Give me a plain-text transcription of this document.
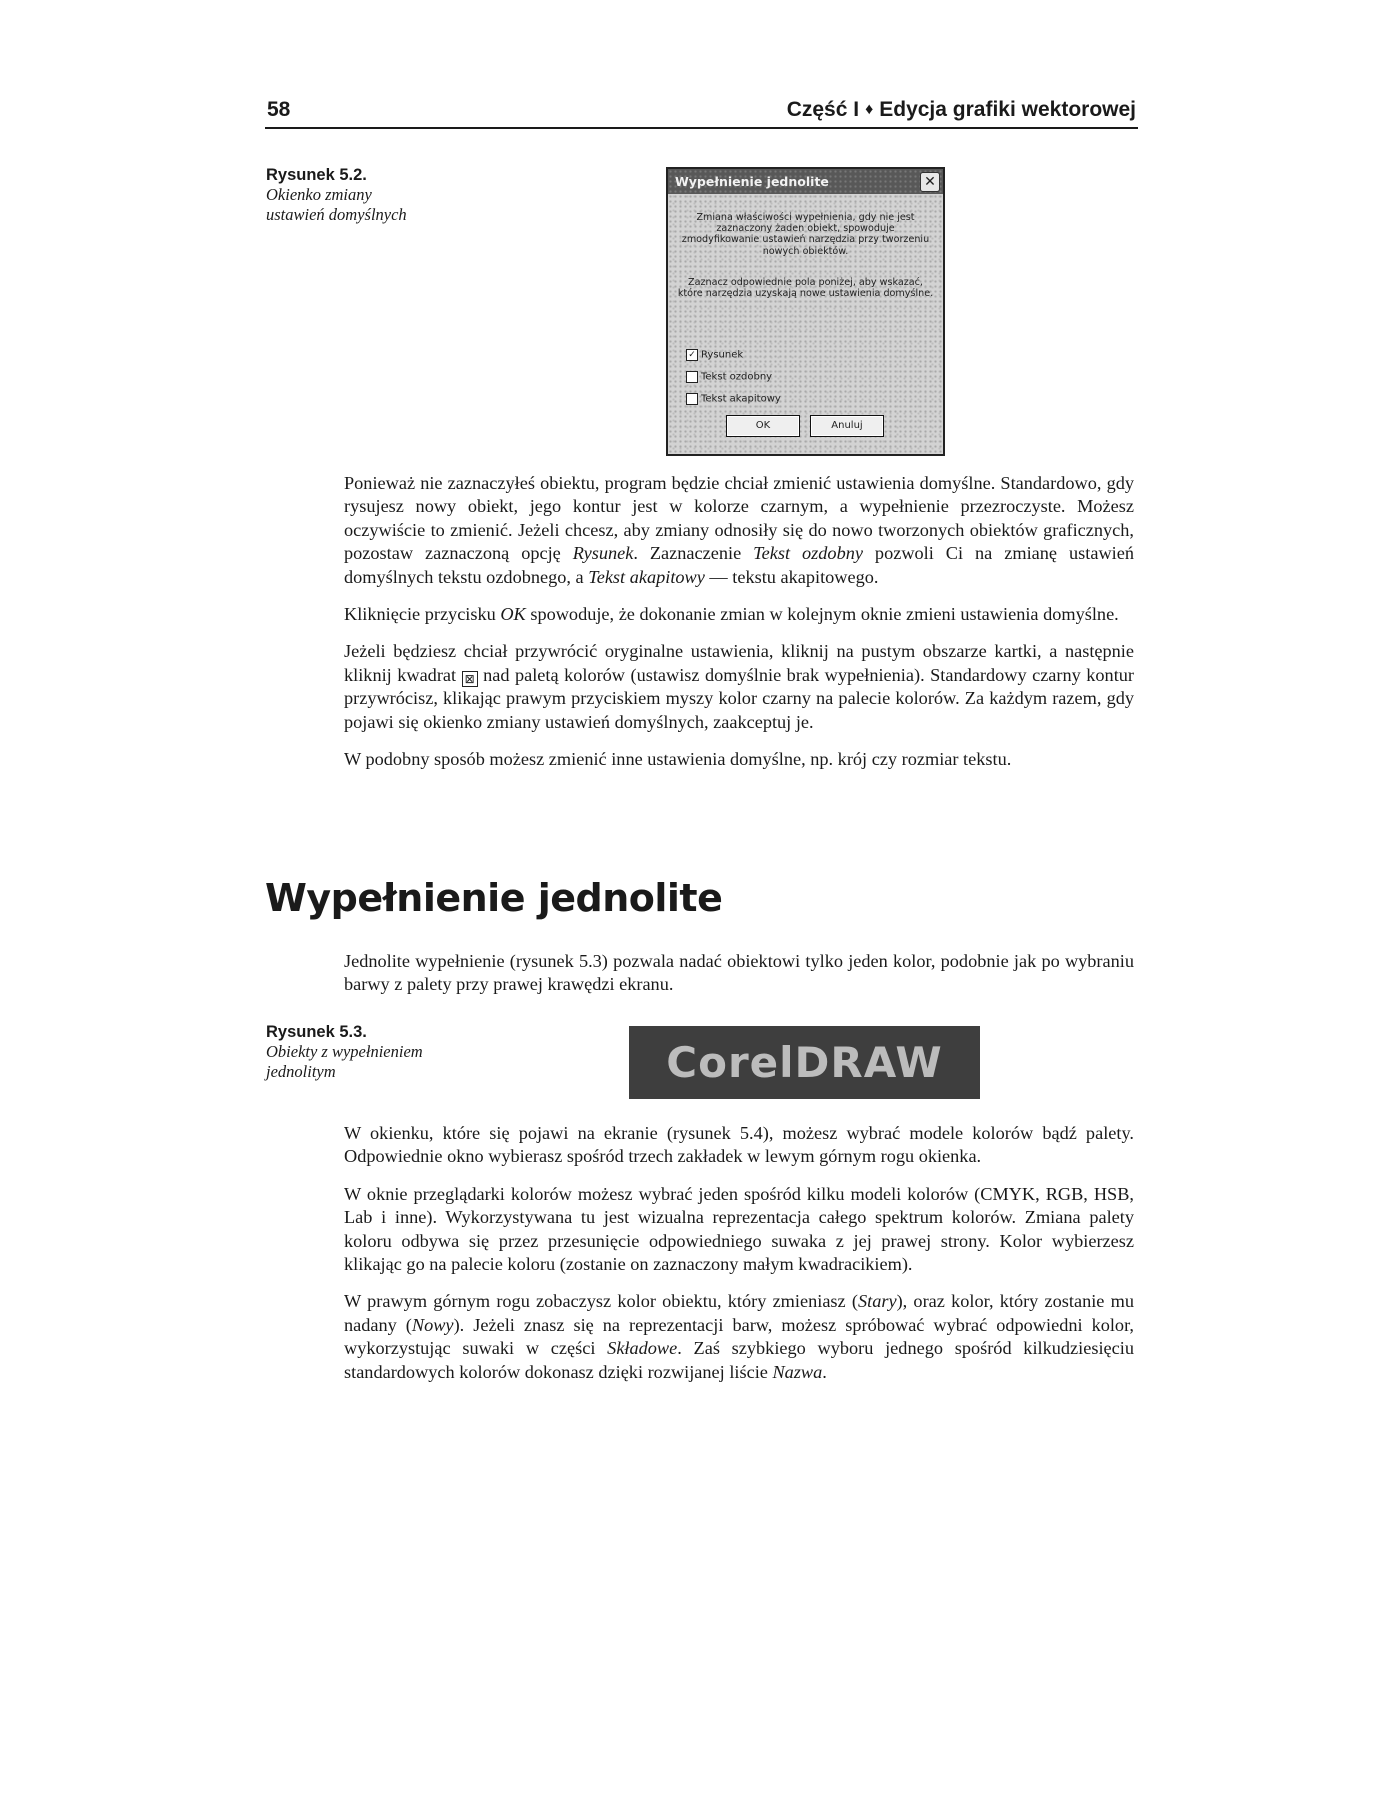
58	Część I ♦ Edycja grafiki wektorowej
Rysunek 5.2.
Okienko zmiany
ustawień domyślnych
Wypełnienie jednolite	✕
Zmiana właściwości wypełnienia, gdy nie jest
zaznaczony żaden obiekt, spowoduje
zmodyfikowanie ustawień narzędzia przy tworzeniu
nowych obiektów.
Zaznacz odpowiednie pola poniżej, aby wskazać,
które narzędzia uzyskają nowe ustawienia domyślne.
✓ Rysunek
Tekst ozdobny
Tekst akapitowy
OK	Anuluj

Ponieważ nie zaznaczyłeś obiektu, program będzie chciał zmienić ustawienia domyślne. Standardowo, gdy rysujesz nowy obiekt, jego kontur jest w kolorze czarnym, a wypełnienie przezroczyste. Możesz oczywiście to zmienić. Jeżeli chcesz, aby zmiany odnosiły się do nowo tworzonych obiektów graficznych, pozostaw zaznaczoną opcję Rysunek. Zaznaczenie Tekst ozdobny pozwoli Ci na zmianę ustawień domyślnych tekstu ozdobnego, a Tekst akapitowy — tekstu akapitowego.

Kliknięcie przycisku OK spowoduje, że dokonanie zmian w kolejnym oknie zmieni ustawienia domyślne.

Jeżeli będziesz chciał przywrócić oryginalne ustawienia, kliknij na pustym obszarze kartki, a następnie kliknij kwadrat ⊠ nad paletą kolorów (ustawisz domyślnie brak wypełnienia). Standardowy czarny kontur przywrócisz, klikając prawym przyciskiem myszy kolor czarny na palecie kolorów. Za każdym razem, gdy pojawi się okienko zmiany ustawień domyślnych, zaakceptuj je.

W podobny sposób możesz zmienić inne ustawienia domyślne, np. krój czy rozmiar tekstu.

Wypełnienie jednolite

Jednolite wypełnienie (rysunek 5.3) pozwala nadać obiektowi tylko jeden kolor, podobnie jak po wybraniu barwy z palety przy prawej krawędzi ekranu.

Rysunek 5.3.
Obiekty z wypełnieniem
jednolitym	CorelDRAW

W okienku, które się pojawi na ekranie (rysunek 5.4), możesz wybrać modele kolorów bądź palety. Odpowiednie okno wybierasz spośród trzech zakładek w lewym górnym rogu okienka.

W oknie przeglądarki kolorów możesz wybrać jeden spośród kilku modeli kolorów (CMYK, RGB, HSB, Lab i inne). Wykorzystywana tu jest wizualna reprezentacja całego spektrum kolorów. Zmiana palety koloru odbywa się przez przesunięcie odpowiedniego suwaka z jej prawej strony. Kolor wybierzesz klikając go na palecie koloru (zostanie on zaznaczony małym kwadracikiem).

W prawym górnym rogu zobaczysz kolor obiektu, który zmieniasz (Stary), oraz kolor, który zostanie mu nadany (Nowy). Jeżeli znasz się na reprezentacji barw, możesz spróbować wybrać odpowiedni kolor, wykorzystując suwaki w części Składowe. Zaś szybkiego wyboru jednego spośród kilkudziesięciu standardowych kolorów dokonasz dzięki rozwijanej liście Nazwa.
